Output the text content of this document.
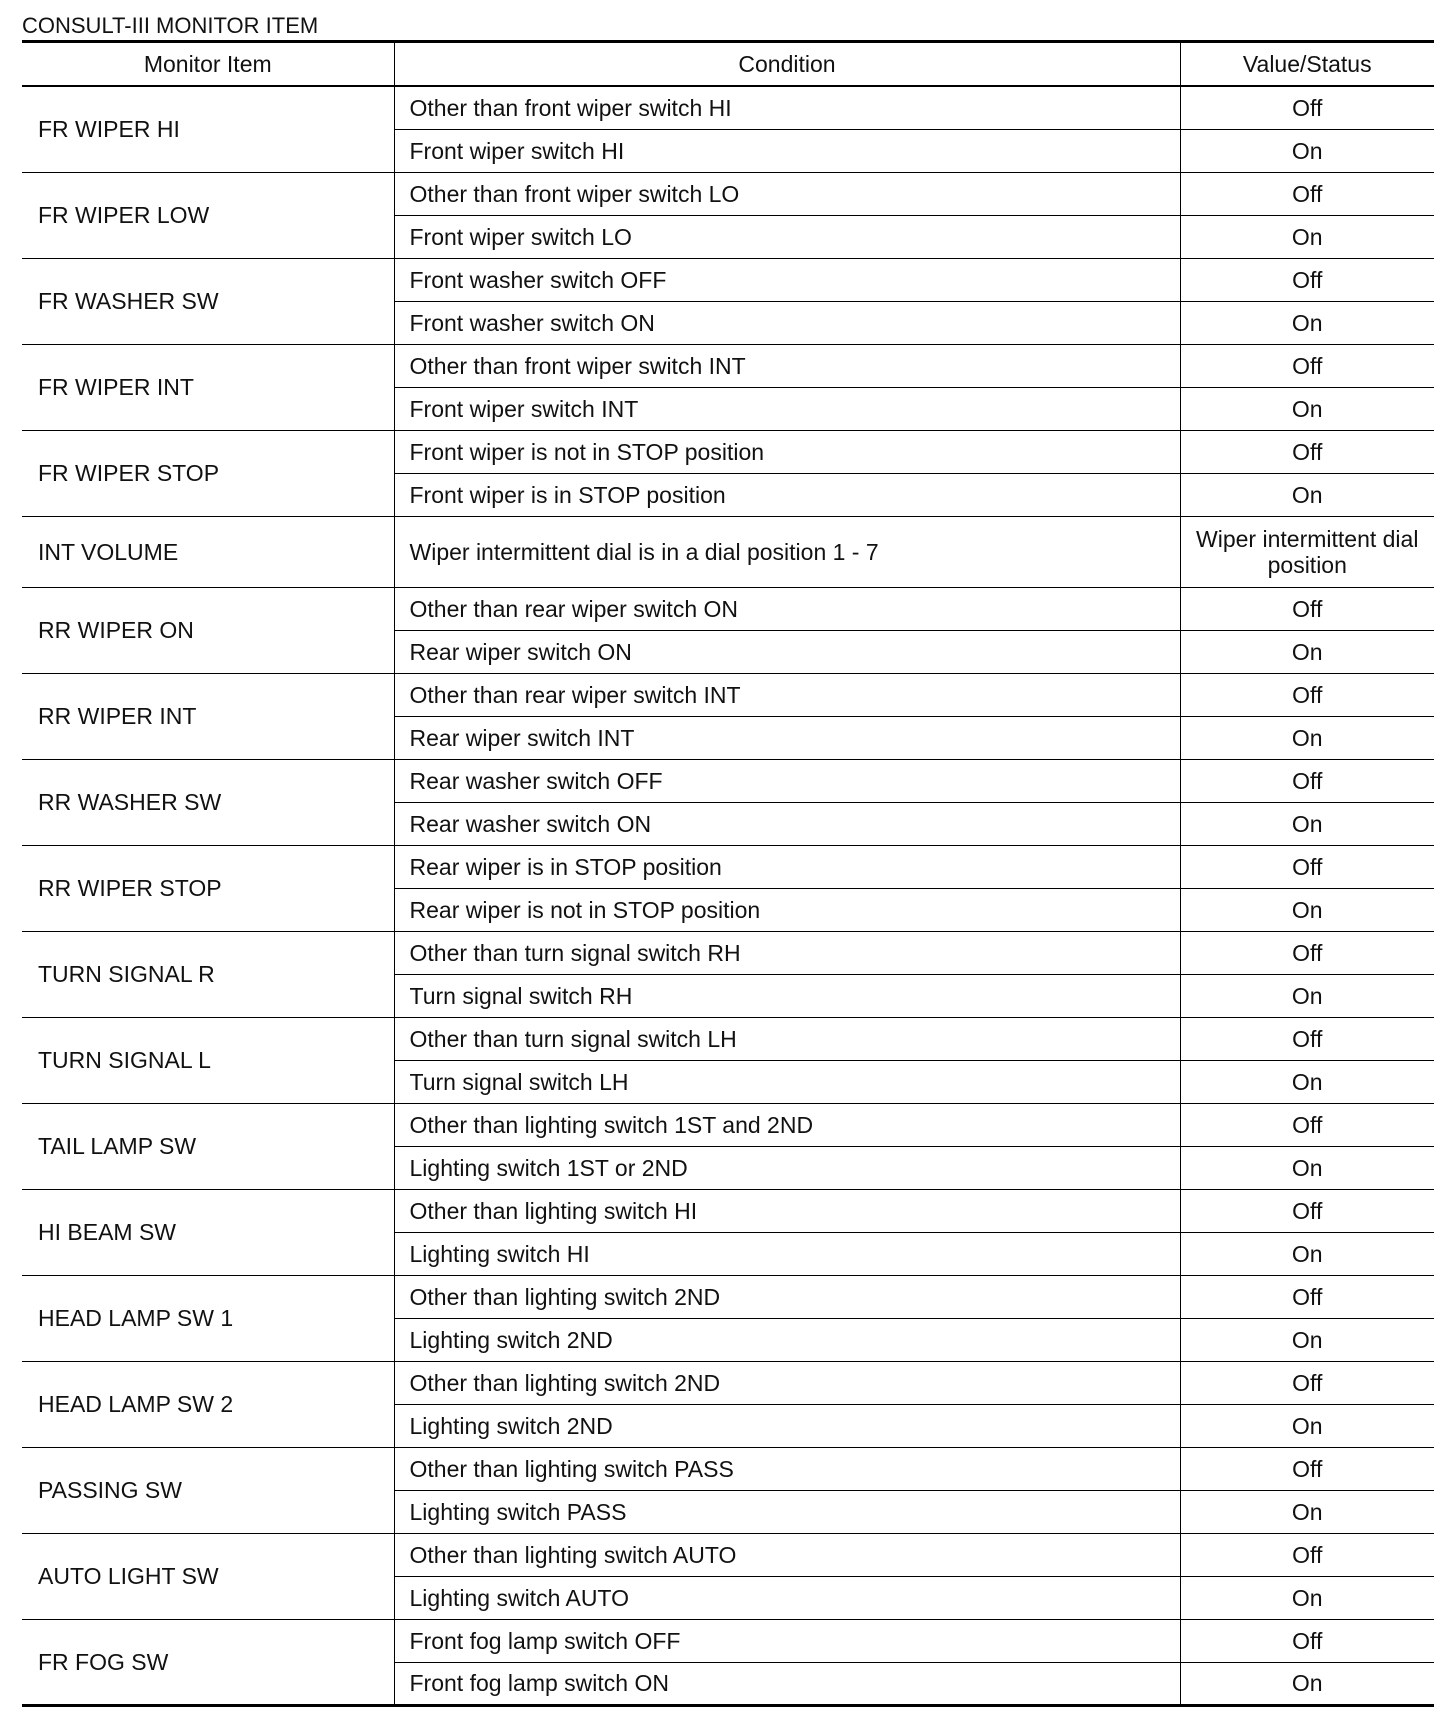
CONSULT-III MONITOR ITEM
Monitor Item	Condition	Value/Status
FR WIPER HI	Other than front wiper switch HI	Off
	Front wiper switch HI	On
FR WIPER LOW	Other than front wiper switch LO	Off
	Front wiper switch LO	On
FR WASHER SW	Front washer switch OFF	Off
	Front washer switch ON	On
FR WIPER INT	Other than front wiper switch INT	Off
	Front wiper switch INT	On
FR WIPER STOP	Front wiper is not in STOP position	Off
	Front wiper is in STOP position	On
INT VOLUME	Wiper intermittent dial is in a dial position 1 - 7	Wiper intermittent dial position
RR WIPER ON	Other than rear wiper switch ON	Off
	Rear wiper switch ON	On
RR WIPER INT	Other than rear wiper switch INT	Off
	Rear wiper switch INT	On
RR WASHER SW	Rear washer switch OFF	Off
	Rear washer switch ON	On
RR WIPER STOP	Rear wiper is in STOP position	Off
	Rear wiper is not in STOP position	On
TURN SIGNAL R	Other than turn signal switch RH	Off
	Turn signal switch RH	On
TURN SIGNAL L	Other than turn signal switch LH	Off
	Turn signal switch LH	On
TAIL LAMP SW	Other than lighting switch 1ST and 2ND	Off
	Lighting switch 1ST or 2ND	On
HI BEAM SW	Other than lighting switch HI	Off
	Lighting switch HI	On
HEAD LAMP SW 1	Other than lighting switch 2ND	Off
	Lighting switch 2ND	On
HEAD LAMP SW 2	Other than lighting switch 2ND	Off
	Lighting switch 2ND	On
PASSING SW	Other than lighting switch PASS	Off
	Lighting switch PASS	On
AUTO LIGHT SW	Other than lighting switch AUTO	Off
	Lighting switch AUTO	On
FR FOG SW	Front fog lamp switch OFF	Off
	Front fog lamp switch ON	On
